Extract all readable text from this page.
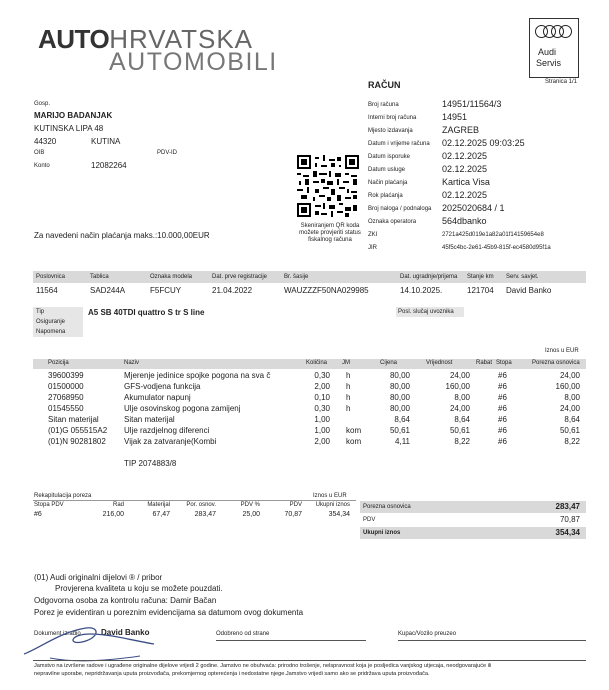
AUTOHRVATSKA
AUTOMOBILI	Audi
Servis
Stranica 1/1
RAČUN
Gosp.
MARIJO BADANJAK
KUTINSKA LIPA 48
44320	KUTINA
OIB	PDV-ID
Konto	12082264
Skeniranjem QR koda
možete provjeriti status
fiskalnog računa
Broj računa	14951/11564/3
Interni broj računa	14951
Mjesto izdavanja	ZAGREB
Datum i vrijeme računa 02.12.2025 09:03:25
Datum isporuke	02.12.2025
Datum usluge	02.12.2025
Način plaćanja	Kartica Visa
Rok plaćanja	02.12.2025
Broj naloga / podnaloga 2025020684 / 1
Oznaka operatora	564dbanko
ZKI	2721a425d019e1a82a01f14159654e8
JIR	45f5c4bc-2e61-45b9-815f-ec4580d95f1a
Za navedeni način plaćanja maks.:10.000,00EUR
Poslovnica	Tablica	Oznaka modela	Dat. prve registracije	Br. šasije	Dat. ugradnje/prijema Stanje km Serv. savjet.
11564	SAD244A	F5FCUY	21.04.2022	WAUZZZF50NA029985	14.10.2025.	121704 David Banko
Tip	A5 SB 40TDI quattro S tr S line
Osiguranje
Napomena
Posl. slučaj uvoznika
Iznos u EUR
Pozicija	Naziv	Količina JM	Cijena	Vrijednost	Rabat Stopa	Porezna osnovica
39600399	Mjerenje jedinice spojke pogona na sva č	0,30 h	80,00	24,00	#6	24,00
01500000	GFS-vodjena funkcija	2,00 h	80,00	160,00	#6	160,00
27068950	Akumulator napunj	0,10 h	80,00	8,00	#6	8,00
01545550	Ulje osovinskog pogona zamijenj	0,30 h	80,00	24,00	#6	24,00
Sitan materijal	Sitan materijal	1,00	8,64	8,64	#6	8,64
(01)G 055515A2	Ulje razdjelnog diferenci	1,00 kom	50,61	50,61	#6	50,61
(01)N 90281802	Vijak za zatvaranje(Kombi	2,00 kom	4,11	8,22	#6	8,22
TIP 2074883/8
Rekapitulacija poreza	Iznos u EUR
Stopa PDV	Rad	Materijal	Por. osnov.	PDV %	PDV	Ukupni iznos
#6	216,00	67,47	283,47	25,00	70,87	354,34
Porezna osnovica	283,47
PDV	70,87
Ukupni iznos	354,34
(01) Audi originalni dijelovi ® / pribor
Provjerena kvaliteta u koju se možete pouzdati.
Odgovorna osoba za kontrolu računa: Damir Bačan
Porez je evidentiran u poreznim evidencijama sa datumom ovog dokumenta
Dokument izradio	David Banko	Odobreno od strane	Kupac/Vozilo preuzeo
Jamstvo na izvršene radove i ugrađene originalne dijelove vrijedi 2 godine. Jamstvo ne obuhvaća: prirodno trošenje, nelspravnost koja je posljedica vanjskog utjecaja, neodgovarajuće ili
nepravilne uporabe, nepridržavanja uputa proizvođača, prekomjernog opterećenja i nedostatne njege.Jamstvo vrijedi samo ako se pridržava uputa proizvođača.
